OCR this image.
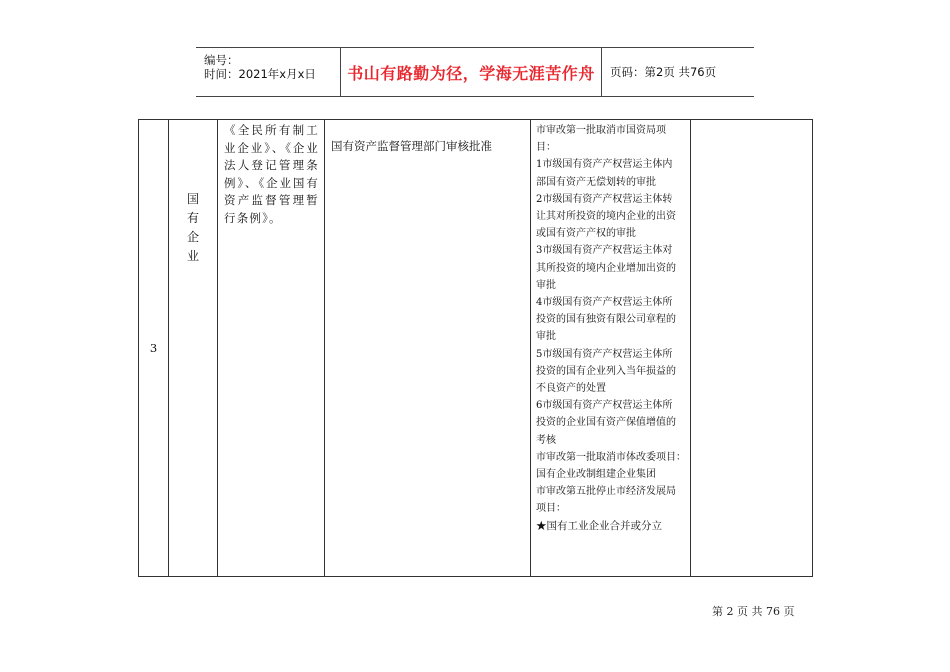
编号：
时间：2021年x月x日 书山有路勤为径，学海无涯苦作舟 页码：第2页 共76页
3
国
有
企
业
《全民所有制工业企业》、《企业法人登记管理条例》、《企业国有资产监督管理暂行条例》。
国有资产监督管理部门审核批准
市审改第一批取消市国资局项
目：
1市级国有资产产权营运主体内
部国有资产无偿划转的审批
2市级国有资产产权营运主体转
让其对所投资的境内企业的出资
或国有资产产权的审批
3市级国有资产产权营运主体对
其所投资的境内企业增加出资的
审批
4市级国有资产产权营运主体所
投资的国有独资有限公司章程的
审批
5市级国有资产产权营运主体所
投资的国有企业列入当年损益的
不良资产的处置
6市级国有资产产权营运主体所
投资的企业国有资产保值增值的
考核
市审改第一批取消市体改委项目：
国有企业改制组建企业集团
市审改第五批停止市经济发展局
项目：
★国有工业企业合并或分立
第 2 页 共 76 页
